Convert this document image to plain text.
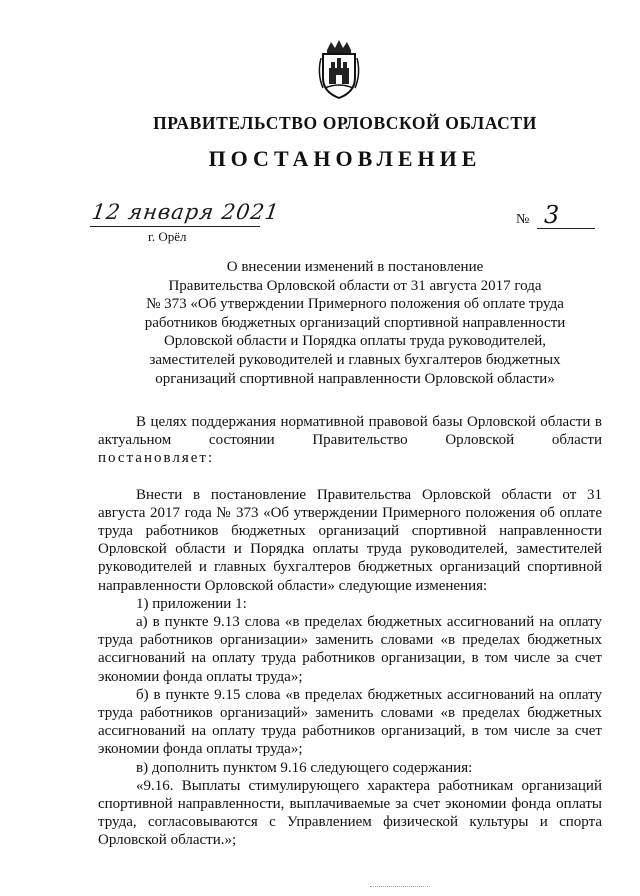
ПРАВИТЕЛЬСТВО ОРЛОВСКОЙ ОБЛАСТИ
ПОСТАНОВЛЕНИЕ
12 января 2021
г. Орёл
№ 3
О внесении изменений в постановление
Правительства Орловской области от 31 августа 2017 года
№ 373 «Об утверждении Примерного положения об оплате труда
работников бюджетных организаций спортивной направленности
Орловской области и Порядка оплаты труда руководителей,
заместителей руководителей и главных бухгалтеров бюджетных
организаций спортивной направленности Орловской области»
В целях поддержания нормативной правовой базы Орловской области в актуальном состоянии Правительство Орловской области
постановляет:
Внести в постановление Правительства Орловской области от 31 августа 2017 года № 373 «Об утверждении Примерного положения об оплате труда работников бюджетных организаций спортивной направленности Орловской области и Порядка оплаты труда руководителей, заместителей руководителей и главных бухгалтеров бюджетных организаций спортивной направленности Орловской области» следующие изменения:
1) приложении 1:
а) в пункте 9.13 слова «в пределах бюджетных ассигнований на оплату труда работников организации» заменить словами «в пределах бюджетных ассигнований на оплату труда работников организации, в том числе за счет экономии фонда оплаты труда»;
б) в пункте 9.15 слова «в пределах бюджетных ассигнований на оплату труда работников организаций» заменить словами «в пределах бюджетных ассигнований на оплату труда работников организаций, в том числе за счет экономии фонда оплаты труда»;
в) дополнить пунктом 9.16 следующего содержания:
«9.16. Выплаты стимулирующего характера работникам организаций спортивной направленности, выплачиваемые за счет экономии фонда оплаты труда, согласовываются с Управлением физической культуры и спорта Орловской области.»;
